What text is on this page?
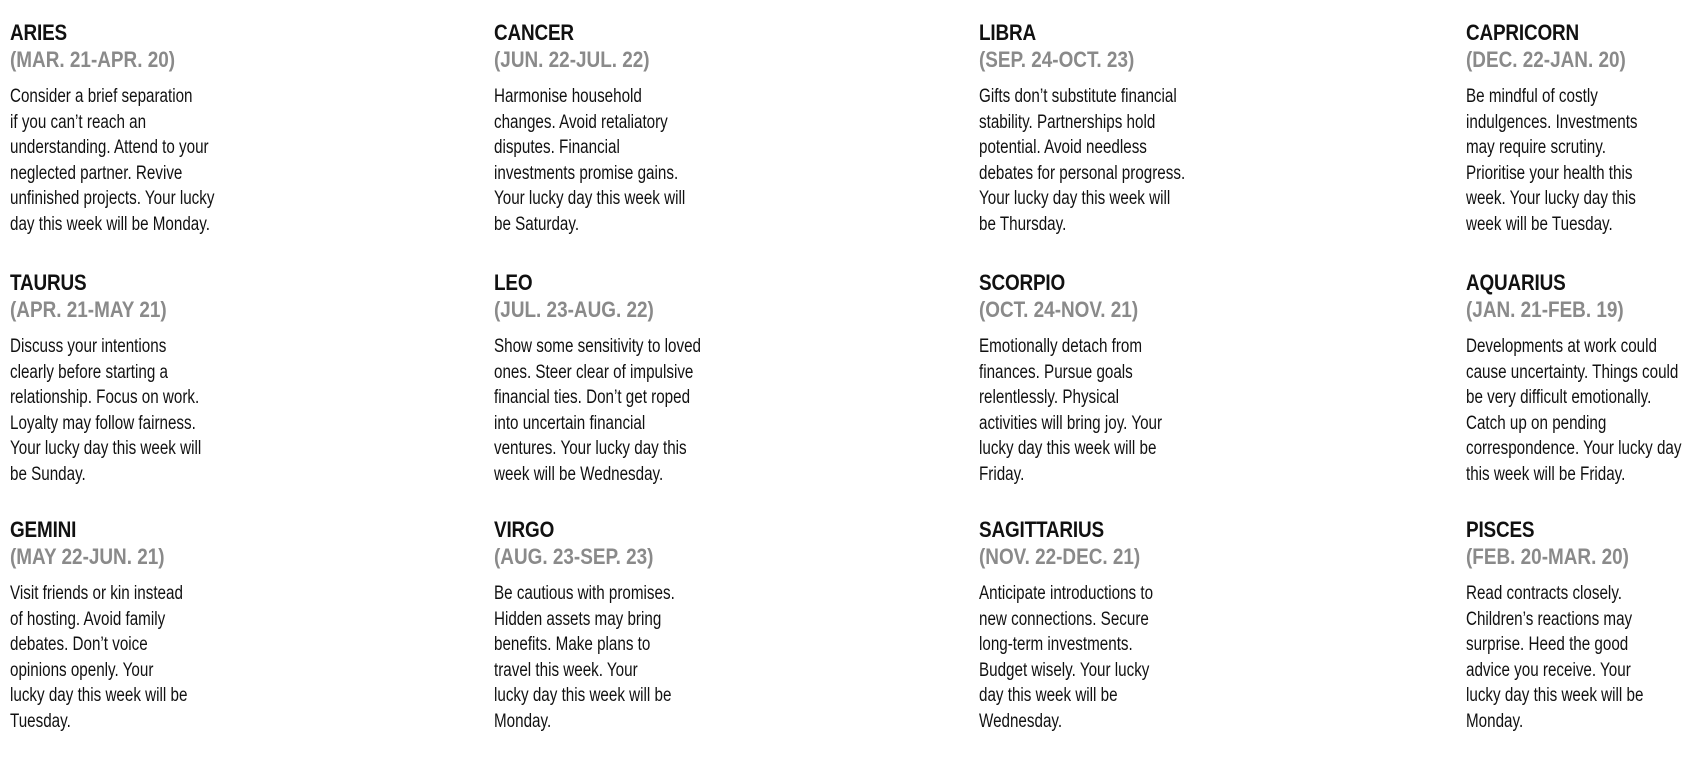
ARIES
(MAR. 21-APR. 20)
Consider a brief separation
if you can’t reach an
understanding. Attend to your
neglected partner. Revive
unfinished projects. Your lucky
day this week will be Monday.
TAURUS
(APR. 21-MAY 21)
Discuss your intentions
clearly before starting a
relationship. Focus on work.
Loyalty may follow fairness.
Your lucky day this week will
be Sunday.
GEMINI
(MAY 22-JUN. 21)
Visit friends or kin instead
of hosting. Avoid family
debates. Don’t voice
opinions openly. Your
lucky day this week will be
Tuesday.
CANCER
(JUN. 22-JUL. 22)
Harmonise household
changes. Avoid retaliatory
disputes. Financial
investments promise gains.
Your lucky day this week will
be Saturday.
LEO
(JUL. 23-AUG. 22)
Show some sensitivity to loved
ones. Steer clear of impulsive
financial ties. Don’t get roped
into uncertain financial
ventures. Your lucky day this
week will be Wednesday.
VIRGO
(AUG. 23-SEP. 23)
Be cautious with promises.
Hidden assets may bring
benefits. Make plans to
travel this week. Your
lucky day this week will be
Monday.
LIBRA
(SEP. 24-OCT. 23)
Gifts don’t substitute financial
stability. Partnerships hold
potential. Avoid needless
debates for personal progress.
Your lucky day this week will
be Thursday.
SCORPIO
(OCT. 24-NOV. 21)
Emotionally detach from
finances. Pursue goals
relentlessly. Physical
activities will bring joy. Your
lucky day this week will be
Friday.
SAGITTARIUS
(NOV. 22-DEC. 21)
Anticipate introductions to
new connections. Secure
long-term investments.
Budget wisely. Your lucky
day this week will be
Wednesday.
CAPRICORN
(DEC. 22-JAN. 20)
Be mindful of costly
indulgences. Investments
may require scrutiny.
Prioritise your health this
week. Your lucky day this
week will be Tuesday.
AQUARIUS
(JAN. 21-FEB. 19)
Developments at work could
cause uncertainty. Things could
be very difficult emotionally.
Catch up on pending
correspondence. Your lucky day
this week will be Friday.
PISCES
(FEB. 20-MAR. 20)
Read contracts closely.
Children’s reactions may
surprise. Heed the good
advice you receive. Your
lucky day this week will be
Monday.
